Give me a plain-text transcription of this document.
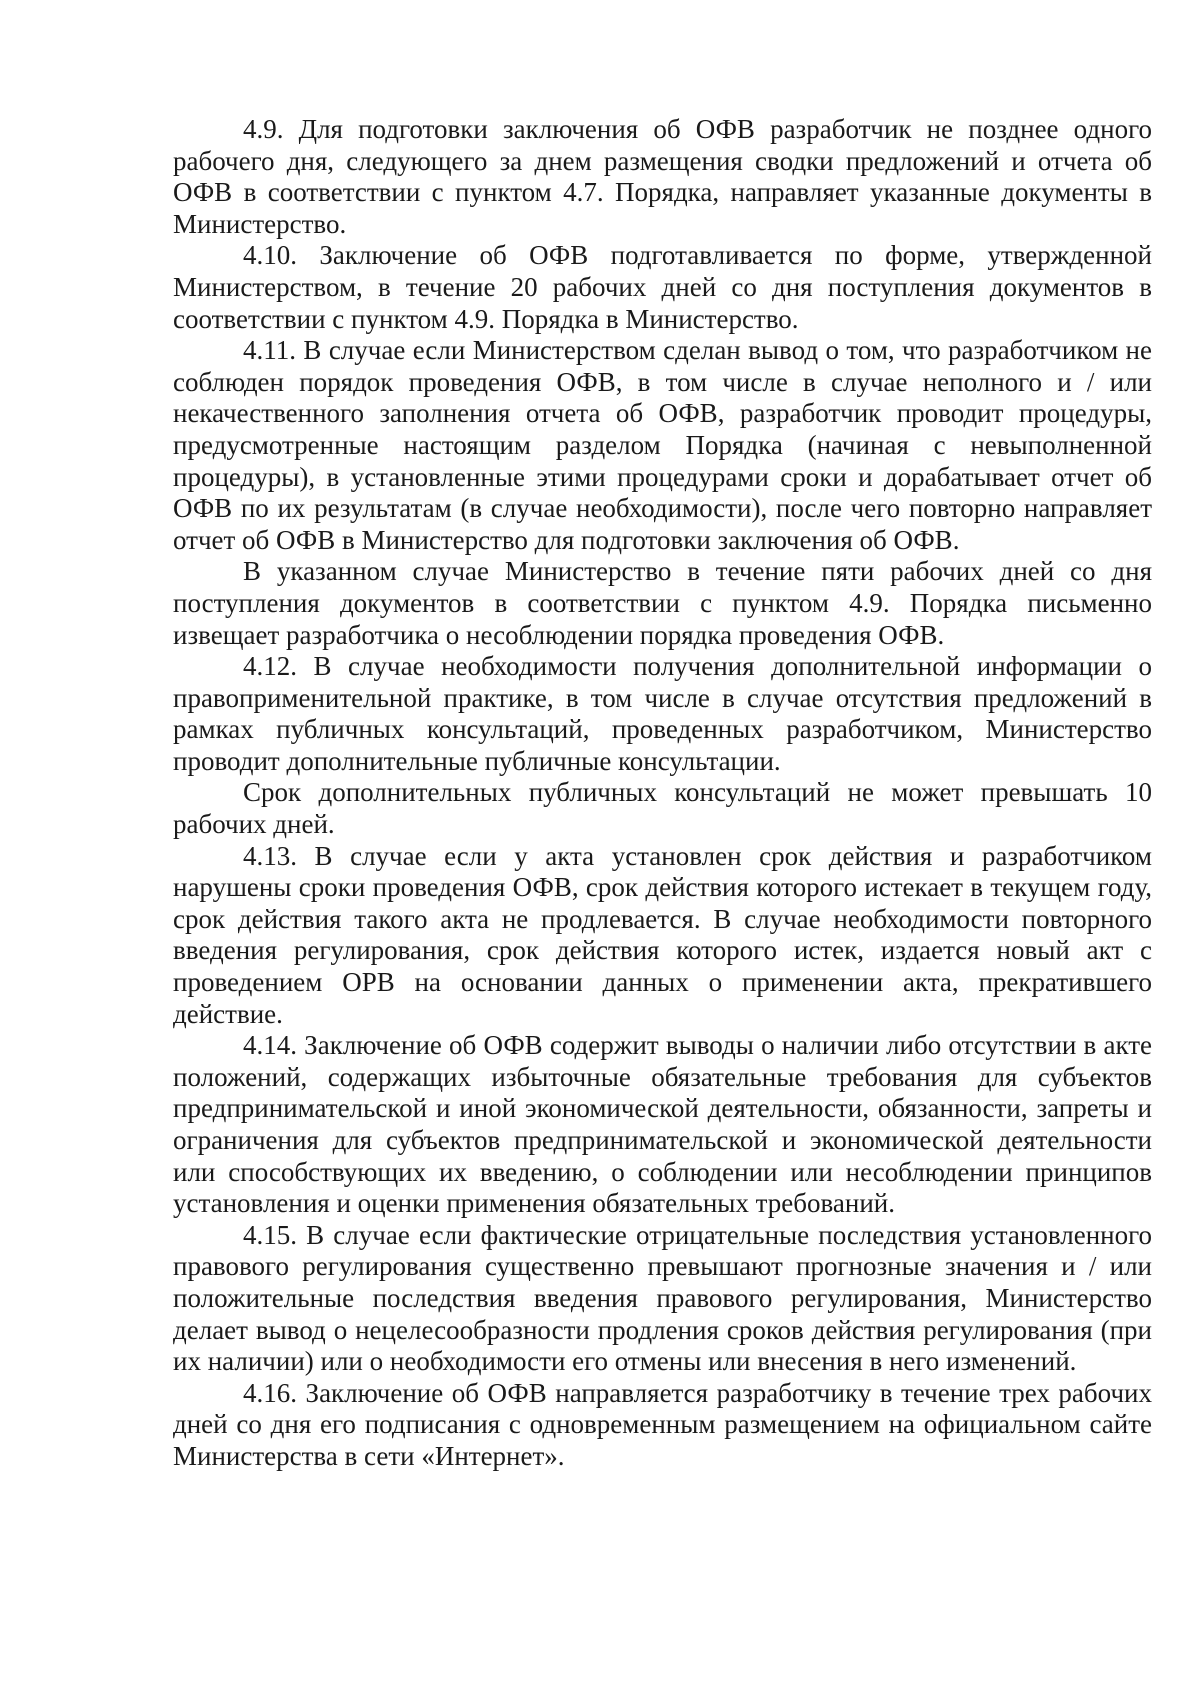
4.9. Для подготовки заключения об ОФВ разработчик не позднее одного рабочего дня, следующего за днем размещения сводки предложений и отчета об ОФВ в соответствии с пунктом 4.7. Порядка, направляет указанные документы в Министерство.

4.10. Заключение об ОФВ подготавливается по форме, утвержденной Министерством, в течение 20 рабочих дней со дня поступления документов в соответствии с пунктом 4.9. Порядка в Министерство.

4.11. В случае если Министерством сделан вывод о том, что разработчиком не соблюден порядок проведения ОФВ, в том числе в случае неполного и / или некачественного заполнения отчета об ОФВ, разработчик проводит процедуры, предусмотренные настоящим разделом Порядка (начиная с невыполненной процедуры), в установленные этими процедурами сроки и дорабатывает отчет об ОФВ по их результатам (в случае необходимости), после чего повторно направляет отчет об ОФВ в Министерство для подготовки заключения об ОФВ.

В указанном случае Министерство в течение пяти рабочих дней со дня поступления документов в соответствии с пунктом 4.9. Порядка письменно извещает разработчика о несоблюдении порядка проведения ОФВ.

4.12. В случае необходимости получения дополнительной информации о правоприменительной практике, в том числе в случае отсутствия предложений в рамках публичных консультаций, проведенных разработчиком, Министерство проводит дополнительные публичные консультации.

Срок дополнительных публичных консультаций не может превышать 10 рабочих дней.

4.13. В случае если у акта установлен срок действия и разработчиком нарушены сроки проведения ОФВ, срок действия которого истекает в текущем году, срок действия такого акта не продлевается. В случае необходимости повторного введения регулирования, срок действия которого истек, издается новый акт с проведением ОРВ на основании данных о применении акта, прекратившего действие.

4.14. Заключение об ОФВ содержит выводы о наличии либо отсутствии в акте положений, содержащих избыточные обязательные требования для субъектов предпринимательской и иной экономической деятельности, обязанности, запреты и ограничения для субъектов предпринимательской и экономической деятельности или способствующих их введению, о соблюдении или несоблюдении принципов установления и оценки применения обязательных требований.

4.15. В случае если фактические отрицательные последствия установленного правового регулирования существенно превышают прогнозные значения и / или положительные последствия введения правового регулирования, Министерство делает вывод о нецелесообразности продления сроков действия регулирования (при их наличии) или о необходимости его отмены или внесения в него изменений.

4.16. Заключение об ОФВ направляется разработчику в течение трех рабочих дней со дня его подписания с одновременным размещением на официальном сайте Министерства в сети «Интернет».
